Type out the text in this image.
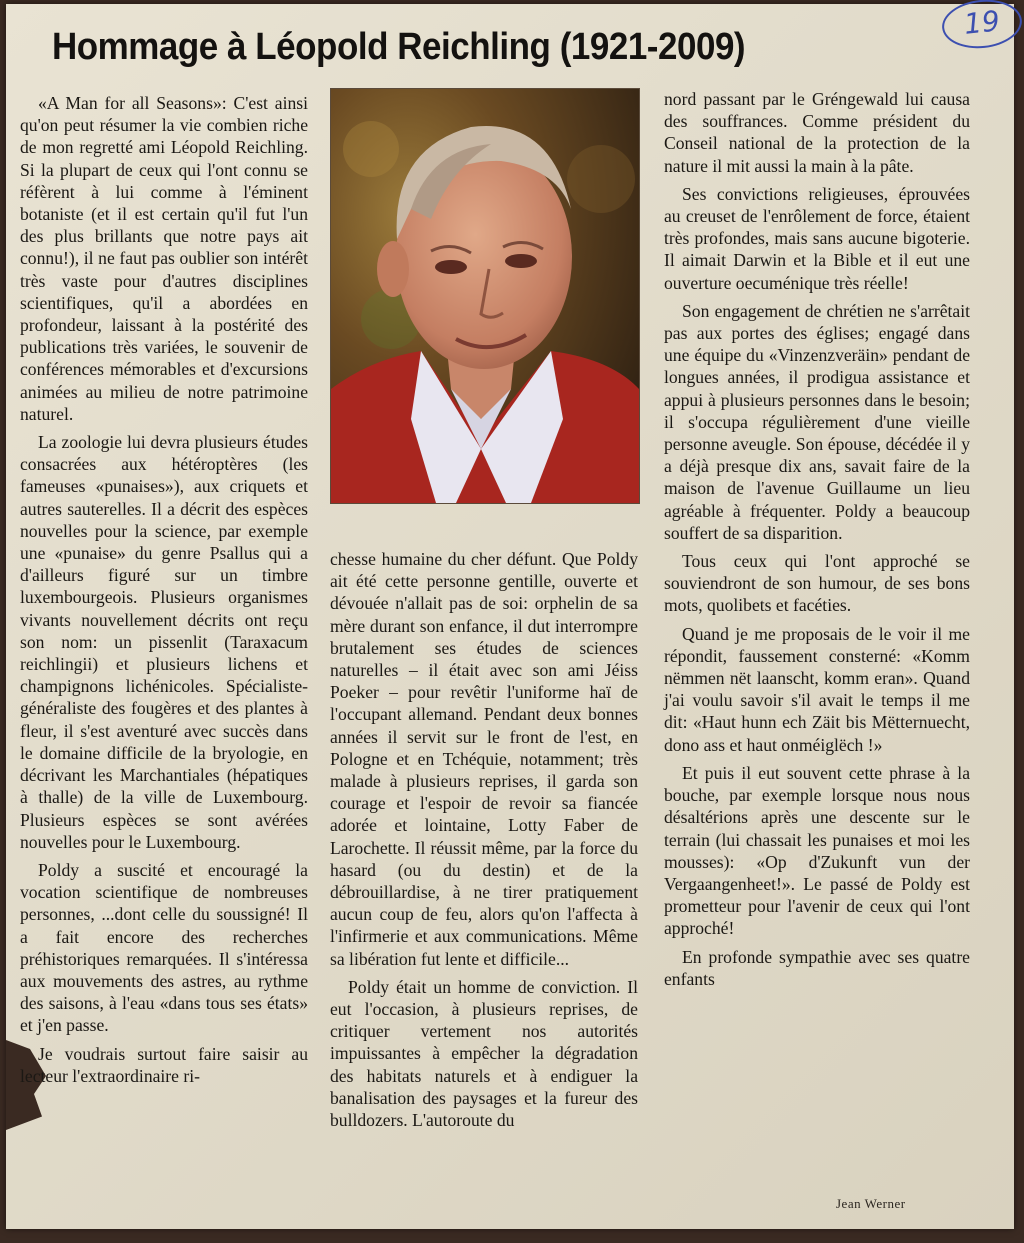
19
Hommage à Léopold Reichling (1921-2009)

«A Man for all Seasons»: C'est ainsi qu'on peut résumer la vie combien riche de mon regretté ami Léopold Reichling. Si la plupart de ceux qui l'ont connu se réfèrent à lui comme à l'éminent botaniste (et il est certain qu'il fut l'un des plus brillants que notre pays ait connu!), il ne faut pas oublier son intérêt très vaste pour d'autres disciplines scientifiques, qu'il a abordées en profondeur, laissant à la postérité des publications très variées, le souvenir de conférences mémorables et d'excursions animées au milieu de notre patrimoine naturel.

La zoologie lui devra plusieurs études consacrées aux hétéroptères (les fameuses «punaises»), aux criquets et autres sauterelles. Il a décrit des espèces nouvelles pour la science, par exemple une «punaise» du genre Psallus qui a d'ailleurs figuré sur un timbre luxembourgeois. Plusieurs organismes vivants nouvellement décrits ont reçu son nom: un pissenlit (Taraxacum reichlingii) et plusieurs lichens et champignons lichénicoles. Spécialiste-généraliste des fougères et des plantes à fleur, il s'est aventuré avec succès dans le domaine difficile de la bryologie, en décrivant les Marchantiales (hépatiques à thalle) de la ville de Luxembourg. Plusieurs espèces se sont avérées nouvelles pour le Luxembourg.

Poldy a suscité et encouragé la vocation scientifique de nombreuses personnes, ...dont celle du soussigné! Il a fait encore des recherches préhistoriques remarquées. Il s'intéressa aux mouvements des astres, au rythme des saisons, à l'eau «dans tous ses états» et j'en passe.

Je voudrais surtout faire saisir au lecteur l'extraordinaire ri-

chesse humaine du cher défunt. Que Poldy ait été cette personne gentille, ouverte et dévouée n'allait pas de soi: orphelin de sa mère durant son enfance, il dut interrompre brutalement ses études de sciences naturelles – il était avec son ami Jéiss Poeker – pour revêtir l'uniforme haï de l'occupant allemand. Pendant deux bonnes années il servit sur le front de l'est, en Pologne et en Tchéquie, notamment; très malade à plusieurs reprises, il garda son courage et l'espoir de revoir sa fiancée adorée et lointaine, Lotty Faber de Larochette. Il réussit même, par la force du hasard (ou du destin) et de la débrouillardise, à ne tirer pratiquement aucun coup de feu, alors qu'on l'affecta à l'infirmerie et aux communications. Même sa libération fut lente et difficile...

Poldy était un homme de conviction. Il eut l'occasion, à plusieurs reprises, de critiquer vertement nos autorités impuissantes à empêcher la dégradation des habitats naturels et à endiguer la banalisation des paysages et la fureur des bulldozers. L'autoroute du

nord passant par le Gréngewald lui causa des souffrances. Comme président du Conseil national de la protection de la nature il mit aussi la main à la pâte.

Ses convictions religieuses, éprouvées au creuset de l'enrôlement de force, étaient très profondes, mais sans aucune bigoterie. Il aimait Darwin et la Bible et il eut une ouverture oecuménique très réelle!

Son engagement de chrétien ne s'arrêtait pas aux portes des églises; engagé dans une équipe du «Vinzenzveräin» pendant de longues années, il prodigua assistance et appui à plusieurs personnes dans le besoin; il s'occupa régulièrement d'une vieille personne aveugle. Son épouse, décédée il y a déjà presque dix ans, savait faire de la maison de l'avenue Guillaume un lieu agréable à fréquenter. Poldy a beaucoup souffert de sa disparition.

Tous ceux qui l'ont approché se souviendront de son humour, de ses bons mots, quolibets et facéties.

Quand je me proposais de le voir il me répondit, faussement consterné: «Komm nëmmen nët laanscht, komm eran». Quand j'ai voulu savoir s'il avait le temps il me dit: «Haut hunn ech Zäit bis Mëtternuecht, dono ass et haut onméiglëch !»

Et puis il eut souvent cette phrase à la bouche, par exemple lorsque nous nous désaltérions après une descente sur le terrain (lui chassait les punaises et moi les mousses): «Op d'Zukunft vun der Vergaangenheet!». Le passé de Poldy est prometteur pour l'avenir de ceux qui l'ont approché!

En profonde sympathie avec ses quatre enfants

Jean Werner
